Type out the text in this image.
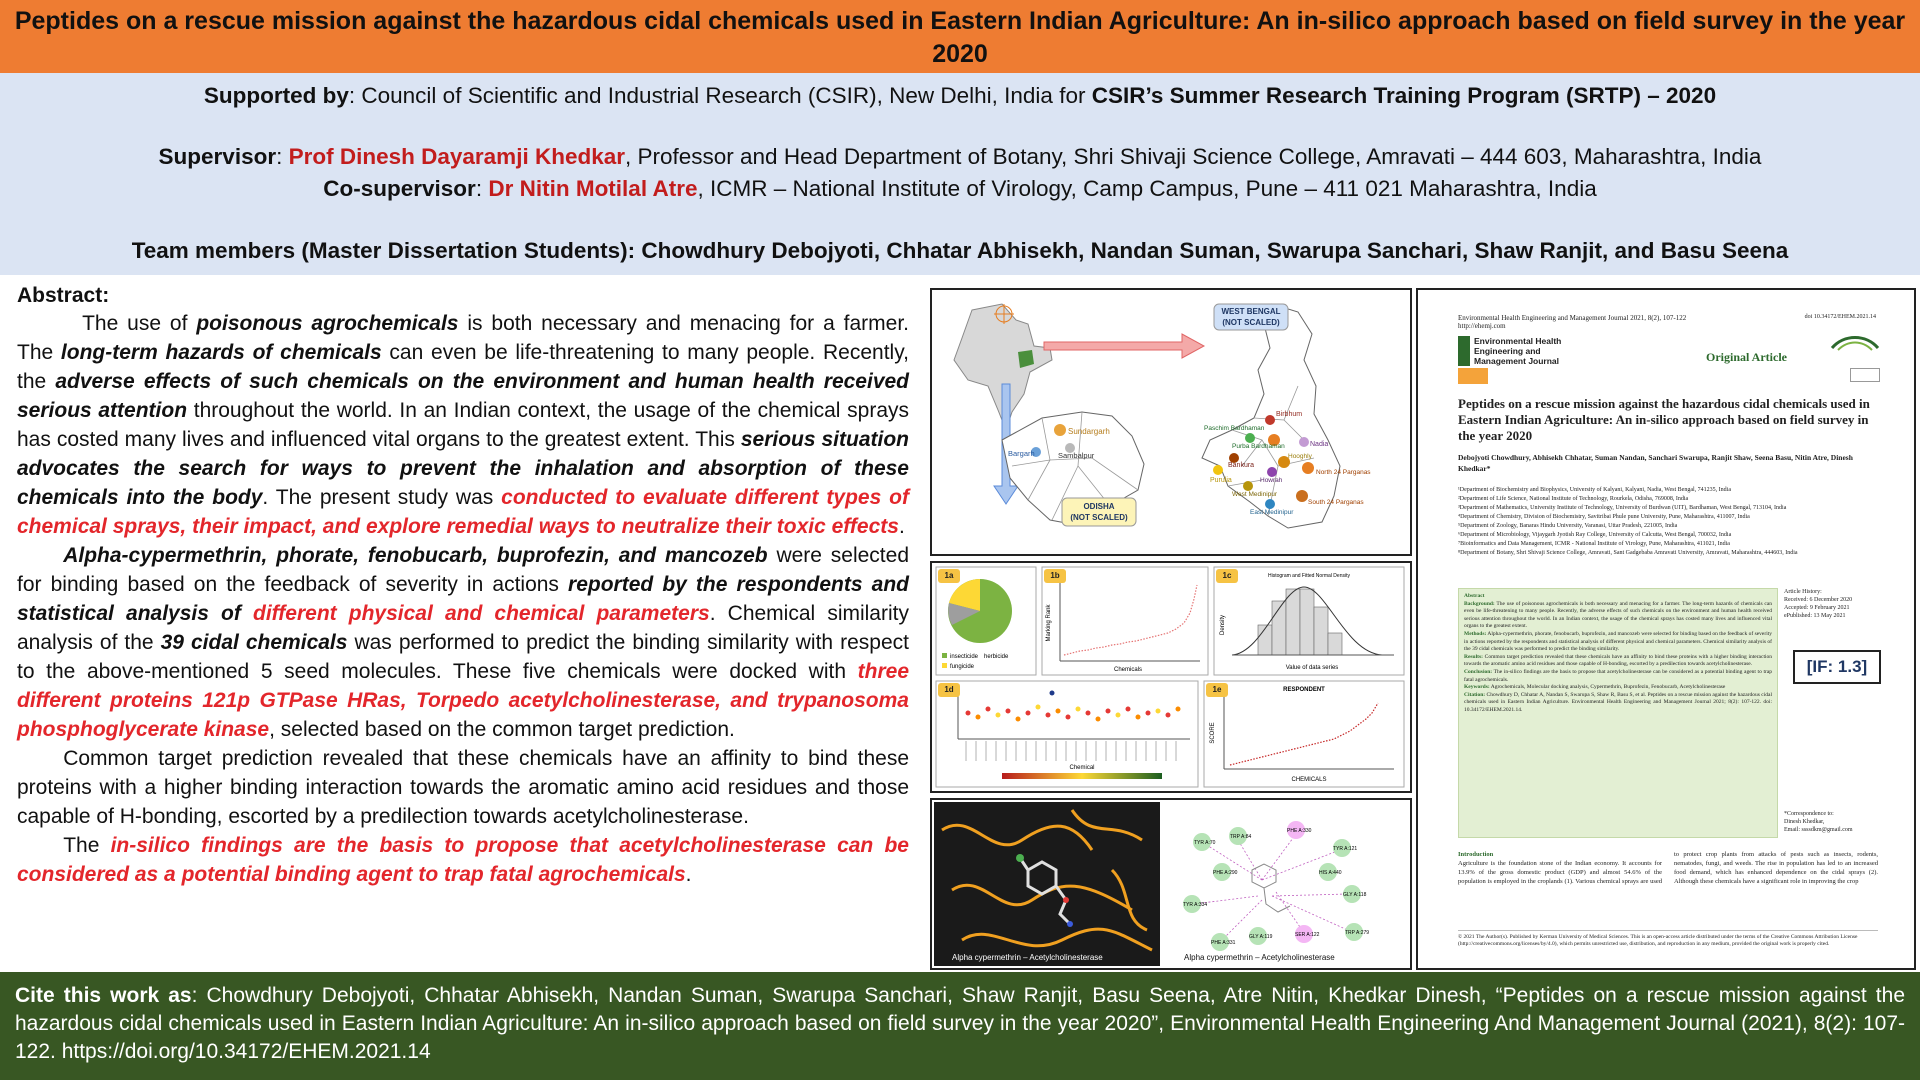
Peptides on a rescue mission against the hazardous cidal chemicals used in Eastern Indian Agriculture: An in-silico approach based on field survey in the year 2020
Supported by: Council of Scientific and Industrial Research (CSIR), New Delhi, India for CSIR’s Summer Research Training Program (SRTP) – 2020
Supervisor: Prof Dinesh Dayaramji Khedkar, Professor and Head Department of Botany, Shri Shivaji Science College, Amravati – 444 603, Maharashtra, India
Co-supervisor: Dr Nitin Motilal Atre, ICMR – National Institute of Virology, Camp Campus, Pune – 411 021 Maharashtra, India
Team members (Master Dissertation Students): Chowdhury Debojyoti, Chhatar Abhisekh, Nandan Suman, Swarupa Sanchari, Shaw Ranjit, and Basu Seena
Abstract:

The use of poisonous agrochemicals is both necessary and menacing for a farmer. The long-term hazards of chemicals can even be life-threatening to many people. Recently, the adverse effects of such chemicals on the environment and human health received serious attention throughout the world. In an Indian context, the usage of the chemical sprays has costed many lives and influenced vital organs to the greatest extent. This serious situation advocates the search for ways to prevent the inhalation and absorption of these chemicals into the body. The present study was conducted to evaluate different types of chemical sprays, their impact, and explore remedial ways to neutralize their toxic effects.

Alpha-cypermethrin, phorate, fenobucarb, buprofezin, and mancozeb were selected for binding based on the feedback of severity in actions reported by the respondents and statistical analysis of different physical and chemical parameters. Chemical similarity analysis of the 39 cidal chemicals was performed to predict the binding similarity with respect to the above-mentioned 5 seed molecules. These five chemicals were docked with three different proteins 121p GTPase HRas, Torpedo acetylcholinesterase, and trypanosoma phosphoglycerate kinase, selected based on the common target prediction.

Common target prediction revealed that these chemicals have an affinity to bind these proteins with a higher binding interaction towards the aromatic amino acid residues and those capable of H-bonding, escorted by a predilection towards acetylcholinesterase.

The in-silico findings are the basis to propose that acetylcholinesterase can be considered as a potential binding agent to trap fatal agrochemicals.

Sundargarh
Bargarh	Sambalpur
ODISHA
(NOT SCALED)
WEST BENGAL
(NOT SCALED)
Birbhum
Paschim Bardhaman
Purba Bardhaman	Nadia
Bankura
Purulia
Hooghly
Howrah
North 24 Parganas
West Medinipur
East Medinipur
South 24 Parganas
insecticide herbicide
fungicide	Chemicals
Marking Rank
Histogram and Fitted Normal Density
Value of data series
Density
Chemical
RESPONDENT
CHEMICALS
SCORE
1a	1b	1c
1d	1e
Alpha cypermethrin – Acetylcholinesterase
TYR A:70
TRP A:84
PHE A:330
TYR A:121
GLY A:118
TRP A:279
PHE A:331
TYR A:334
SER A:122
GLY A:119
HIS A:440
PHE A:290
Alpha cypermethrin – Acetylcholinesterase
Environmental Health Engineering and Management Journal 2021, 8(2), 107-122
http://ehemj.com
doi 10.34172/EHEM.2021.14
Environmental Health
Engineering and
Management Journal	Original Article
Peptides on a rescue mission against the hazardous cidal chemicals used in Eastern Indian Agriculture: An in-silico approach based on field survey in the year 2020
Debojyoti Chowdhury, Abhisekh Chhatar, Suman Nandan, Sanchari Swarupa, Ranjit Shaw, Seena Basu, Nitin Atre, Dinesh Khedkar*
¹Department of Biochemistry and Biophysics, University of Kalyani, Kalyani, Nadia, West Bengal, 741235, India
²Department of Life Science, National Institute of Technology, Rourkela, Odisha, 769008, India
³Department of Mathematics, University Institute of Technology, University of Burdwan (UIT), Bardhaman, West Bengal, 713104, India
⁴Department of Chemistry, Division of Biochemistry, Savitribai Phule pune University, Pune, Maharashtra, 411007, India
⁵Department of Zoology, Banaras Hindu University, Varanasi, Uttar Pradesh, 221005, India
⁶Department of Microbiology, Vijaygarh Jyotish Ray College, University of Calcutta, West Bengal, 700032, India
⁷Bioinformatics and Data Management, ICMR - National Institute of Virology, Pune, Maharashtra, 411021, India
⁸Department of Botany, Shri Shivaji Science College, Amravati, Sant Gadgebaba Amravati University, Amravati, Maharashtra, 444603, India
Abstract
Background: The use of poisonous agrochemicals is both necessary and menacing for a farmer. The long-term hazards of chemicals can even be life-threatening to many people. Recently, the adverse effects of such chemicals on the environment and human health received serious attention throughout the world. In an Indian context, the usage of the chemical sprays has costed many lives and influenced vital organs to the greatest extent.
Methods: Alpha-cypermethrin, phorate, fenobucarb, buprofezin, and mancozeb were selected for binding based on the feedback of severity in actions reported by the respondents and statistical analysis of different physical and chemical parameters. Chemical similarity analysis of the 39 cidal chemicals was performed to predict the binding similarity.
Results: Common target prediction revealed that these chemicals have an affinity to bind these proteins with a higher binding interaction towards the aromatic amino acid residues and those capable of H-bonding, escorted by a predilection towards acetylcholinesterase.
Conclusion: The in-silico findings are the basis to propose that acetylcholinesterase can be considered as a potential binding agent to trap fatal agrochemicals.
Keywords: Agrochemicals, Molecular docking analysis, Cypermethrin, Buprofezin, Fenobucarb, Acetylcholinesterase
Citation: Chowdhury D, Chhatar A, Nandan S, Swarupa S, Shaw R, Basu S, et al. Peptides on a rescue mission against the hazardous cidal chemicals used in Eastern Indian Agriculture. Environmental Health Engineering and Management Journal 2021; 8(2): 107-122. doi: 10.34172/EHEM.2021.14.
Article History:
Received: 6 December 2020
Accepted: 9 February 2021
ePublished: 13 May 2021
[IF: 1.3]
*Correspondence to:
Dinesh Khedkar,
Email: ssssdkm@gmail.com
Introduction
Agriculture is the foundation stone of the Indian economy. It accounts for 13.9% of the gross domestic product (GDP) and almost 54.6% of the population is employed in the croplands (1). Various chemical sprays are used to protect crop plants from attacks of pests such as insects, rodents, nematodes, fungi, and weeds. The rise in population has led to an increased food demand, which has enhanced dependence on the cidal sprays (2). Although these chemicals have a significant role in improving the crop
© 2021 The Author(s). Published by Kerman University of Medical Sciences. This is an open-access article distributed under the terms of the Creative Commons Attribution License (http://creativecommons.org/licenses/by/4.0), which permits unrestricted use, distribution, and reproduction in any medium, provided the original work is properly cited.
Cite this work as: Chowdhury Debojyoti, Chhatar Abhisekh, Nandan Suman, Swarupa Sanchari, Shaw Ranjit, Basu Seena, Atre Nitin, Khedkar Dinesh, “Peptides on a rescue mission against the hazardous cidal chemicals used in Eastern Indian Agriculture: An in-silico approach based on field survey in the year 2020”, Environmental Health Engineering And Management Journal (2021), 8(2): 107-122. https://doi.org/10.34172/EHEM.2021.14
